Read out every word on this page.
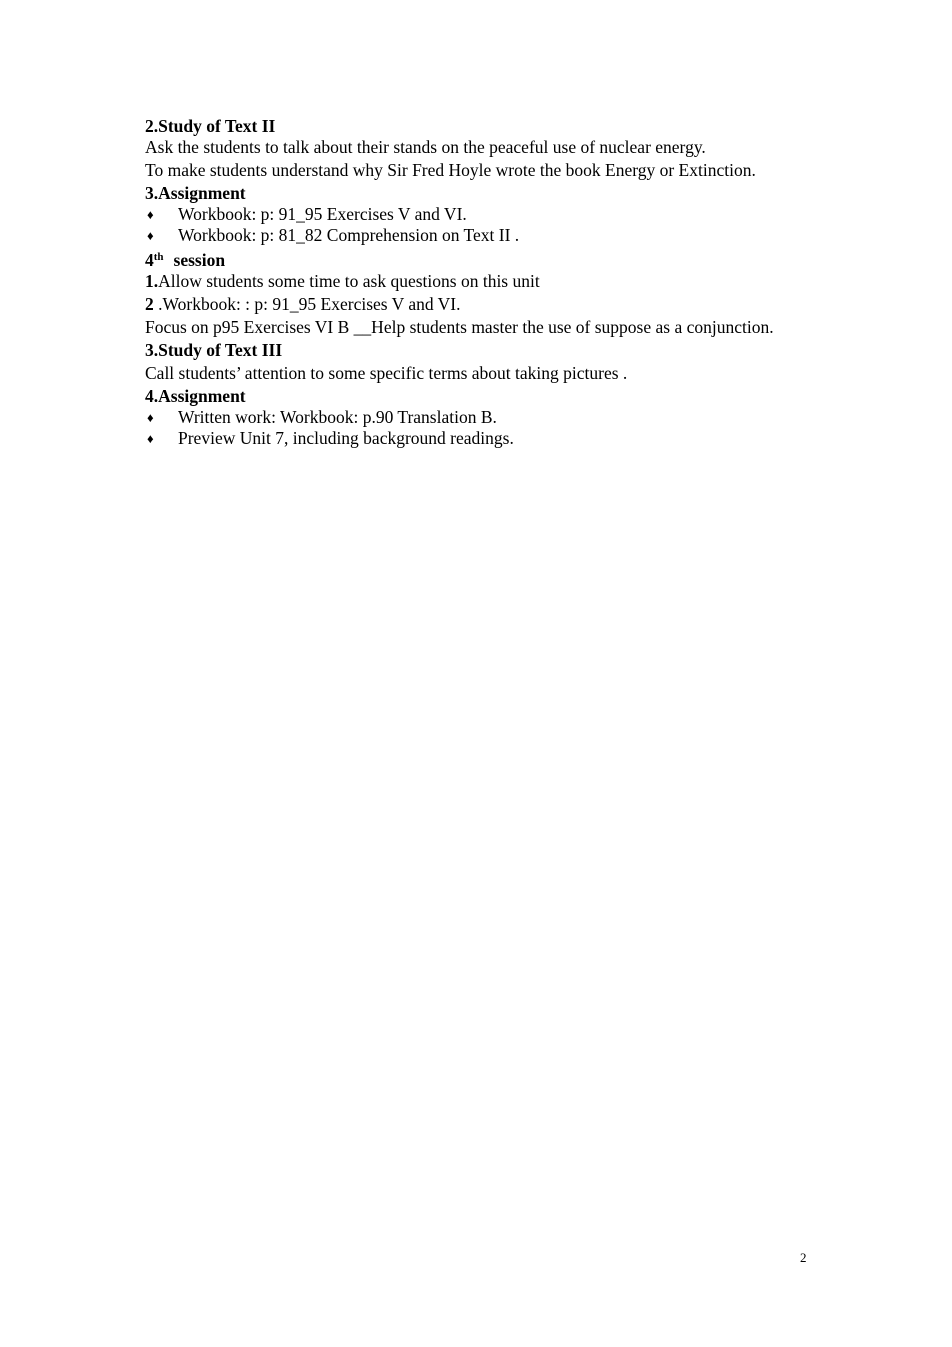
2.Study of Text II

Ask the students to talk about their stands on the peaceful use of nuclear energy.

To make students understand why Sir Fred Hoyle wrote the book Energy or Extinction.

3.Assignment

♦ Workbook: p: 91_95 Exercises V and VI.
♦ Workbook: p: 81_82 Comprehension on Text II .

4th session

1.Allow students some time to ask questions on this unit

2 .Workbook: : p: 91_95 Exercises V and VI.

Focus on p95 Exercises VI B __Help students master the use of suppose as a conjunction.

3.Study of Text III

Call students’ attention to some specific terms about taking pictures .

4.Assignment

♦ Written work: Workbook: p.90 Translation B.
♦ Preview Unit 7, including background readings.
2
